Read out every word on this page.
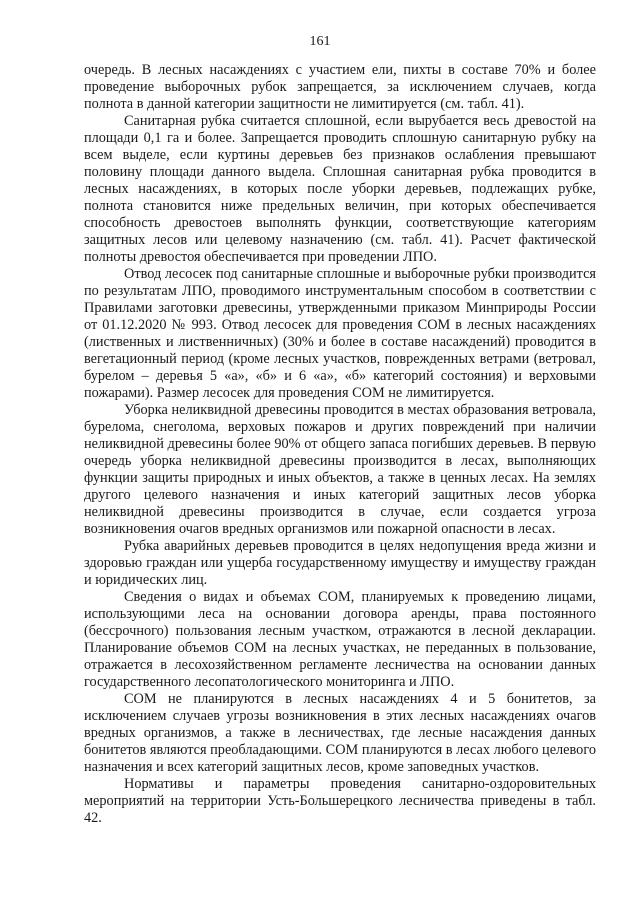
161

очередь. В лесных насаждениях с участием ели, пихты в составе 70% и более проведение выборочных рубок запрещается, за исключением случаев, когда полнота в данной категории защитности не лимитируется (см. табл. 41).

Санитарная рубка считается сплошной, если вырубается весь древостой на площади 0,1 га и более. Запрещается проводить сплошную санитарную рубку на всем выделе, если куртины деревьев без признаков ослабления превышают половину площади данного выдела. Сплошная санитарная рубка проводится в лесных насаждениях, в которых после уборки деревьев, подлежащих рубке, полнота становится ниже предельных величин, при которых обеспечивается способность древостоев выполнять функции, соответствующие категориям защитных лесов или целевому назначению (см. табл. 41). Расчет фактической полноты древостоя обеспечивается при проведении ЛПО.

Отвод лесосек под санитарные сплошные и выборочные рубки производится по результатам ЛПО, проводимого инструментальным способом в соответствии с Правилами заготовки древесины, утвержденными приказом Минприроды России от 01.12.2020 № 993. Отвод лесосек для проведения СОМ в лесных насаждениях (лиственных и лиственничных) (30% и более в составе насаждений) проводится в вегетационный период (кроме лесных участков, поврежденных ветрами (ветровал, бурелом – деревья 5 «а», «б» и 6 «а», «б» категорий состояния) и верховыми пожарами). Размер лесосек для проведения СОМ не лимитируется.

Уборка неликвидной древесины проводится в местах образования ветровала, бурелома, снеголома, верховых пожаров и других повреждений при наличии неликвидной древесины более 90% от общего запаса погибших деревьев. В первую очередь уборка неликвидной древесины производится в лесах, выполняющих функции защиты природных и иных объектов, а также в ценных лесах. На землях другого целевого назначения и иных категорий защитных лесов уборка неликвидной древесины производится в случае, если создается угроза возникновения очагов вредных организмов или пожарной опасности в лесах.

Рубка аварийных деревьев проводится в целях недопущения вреда жизни и здоровью граждан или ущерба государственному имуществу и имуществу граждан и юридических лиц.

Сведения о видах и объемах СОМ, планируемых к проведению лицами, использующими леса на основании договора аренды, права постоянного (бессрочного) пользования лесным участком, отражаются в лесной декларации. Планирование объемов СОМ на лесных участках, не переданных в пользование, отражается в лесохозяйственном регламенте лесничества на основании данных государственного лесопатологического мониторинга и ЛПО.

СОМ не планируются в лесных насаждениях 4 и 5 бонитетов, за исключением случаев угрозы возникновения в этих лесных насаждениях очагов вредных организмов, а также в лесничествах, где лесные насаждения данных бонитетов являются преобладающими. СОМ планируются в лесах любого целевого назначения и всех категорий защитных лесов, кроме заповедных участков.

Нормативы и параметры проведения санитарно-оздоровительных мероприятий на территории Усть-Большерецкого лесничества приведены в табл. 42.
